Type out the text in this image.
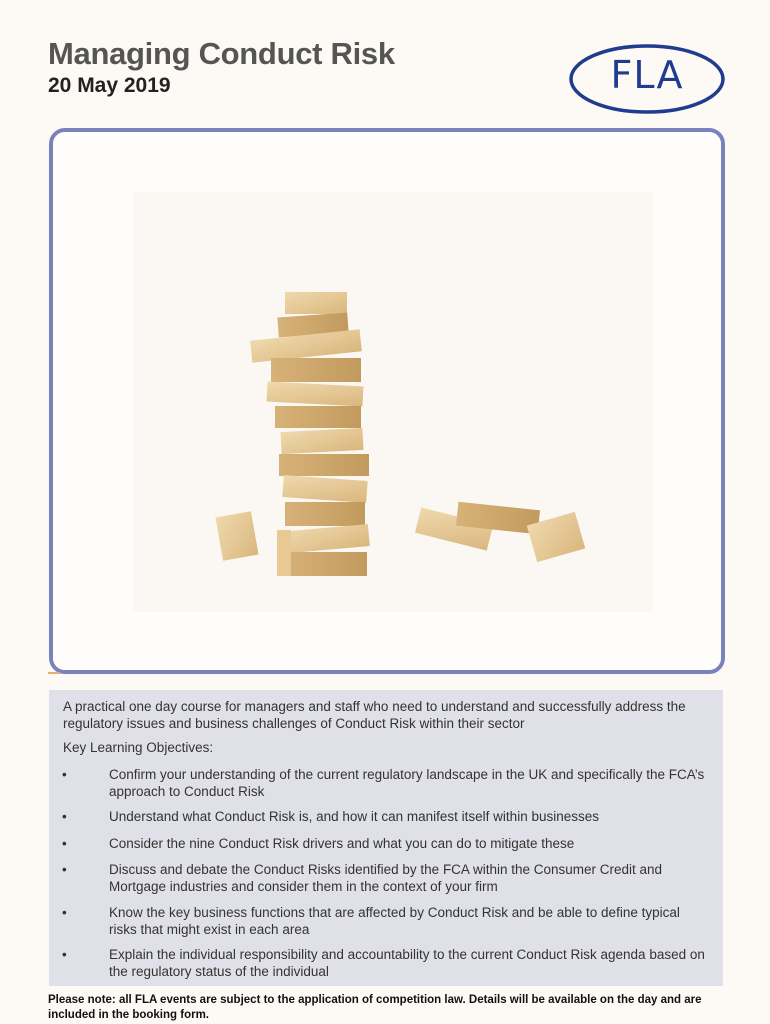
Managing Conduct Risk
20 May 2019	FLA
A practical one day course for managers and staff who need to understand and successfully address the regulatory issues and business challenges of Conduct Risk within their sector
Key Learning Objectives:
•	Confirm your understanding of the current regulatory landscape in the UK and specifically the FCA’s approach to Conduct Risk
•	Understand what Conduct Risk is, and how it can manifest itself within businesses
•	Consider the nine Conduct Risk drivers and what you can do to mitigate these
•	Discuss and debate the Conduct Risks identified by the FCA within the Consumer Credit and Mortgage industries and consider them in the context of your firm
•	Know the key business functions that are affected by Conduct Risk and be able to define typical risks that might exist in each area
•	Explain the individual responsibility and accountability to the current Conduct Risk agenda based on the regulatory status of the individual
Please note: all FLA events are subject to the application of competition law. Details will be available on the day and are included in the booking form.
